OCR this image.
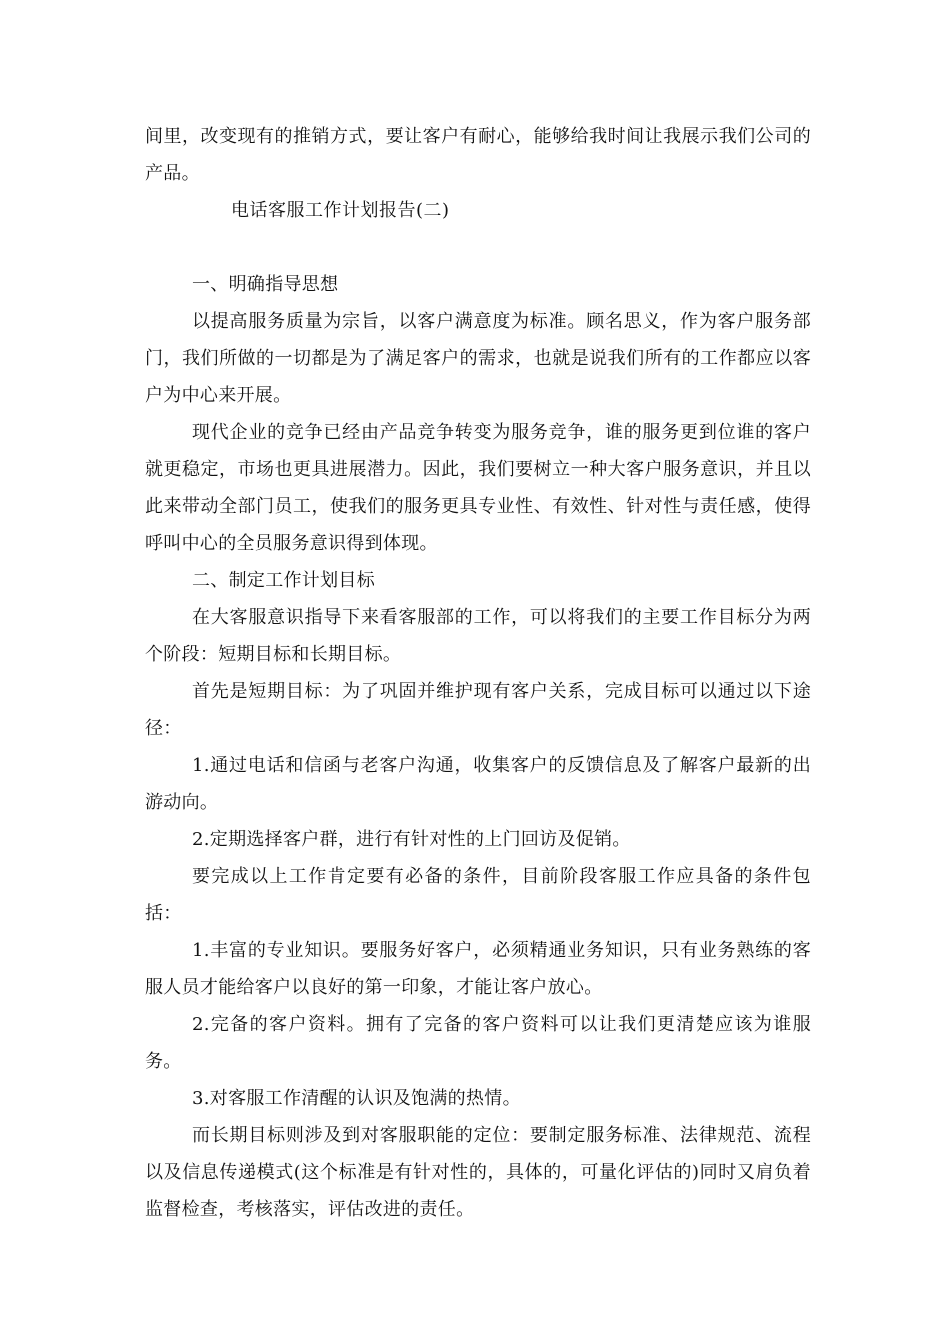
间里，改变现有的推销方式，要让客户有耐心，能够给我时间让我展示我们公司的产品。

电话客服工作计划报告(二)

一、明确指导思想

以提高服务质量为宗旨，以客户满意度为标准。顾名思义，作为客户服务部门，我们所做的一切都是为了满足客户的需求，也就是说我们所有的工作都应以客户为中心来开展。

现代企业的竞争已经由产品竞争转变为服务竞争，谁的服务更到位谁的客户就更稳定，市场也更具进展潜力。因此，我们要树立一种大客户服务意识，并且以此来带动全部门员工，使我们的服务更具专业性、有效性、针对性与责任感，使得呼叫中心的全员服务意识得到体现。

二、制定工作计划目标

在大客服意识指导下来看客服部的工作，可以将我们的主要工作目标分为两个阶段：短期目标和长期目标。

首先是短期目标：为了巩固并维护现有客户关系，完成目标可以通过以下途径：

1.通过电话和信函与老客户沟通，收集客户的反馈信息及了解客户最新的出游动向。

2.定期选择客户群，进行有针对性的上门回访及促销。

要完成以上工作肯定要有必备的条件，目前阶段客服工作应具备的条件包括：

1.丰富的专业知识。要服务好客户，必须精通业务知识，只有业务熟练的客服人员才能给客户以良好的第一印象，才能让客户放心。

2.完备的客户资料。拥有了完备的客户资料可以让我们更清楚应该为谁服务。

3.对客服工作清醒的认识及饱满的热情。

而长期目标则涉及到对客服职能的定位：要制定服务标准、法律规范、流程以及信息传递模式(这个标准是有针对性的，具体的，可量化评估的)同时又肩负着监督检查，考核落实，评估改进的责任。
